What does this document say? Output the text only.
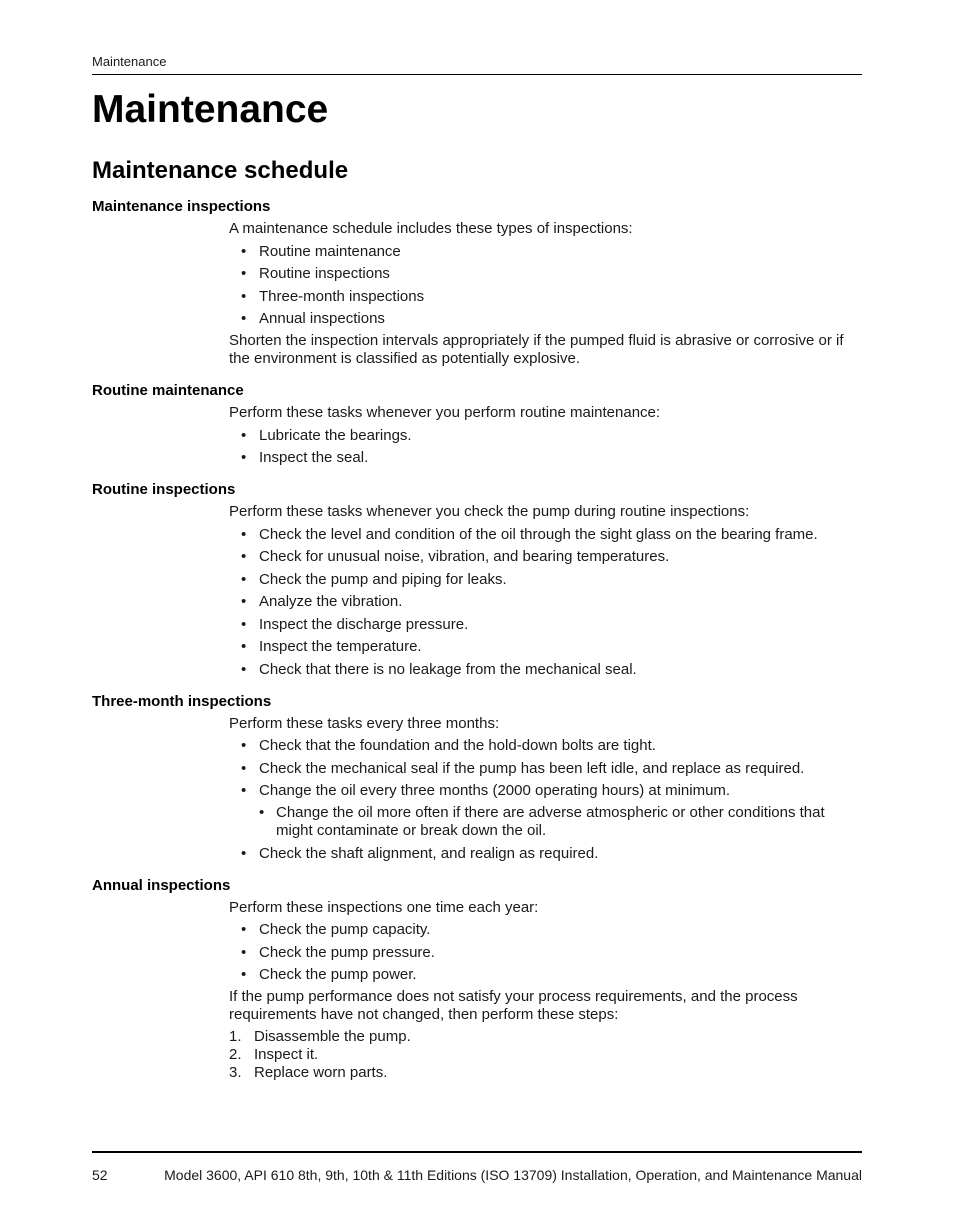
Maintenance
Maintenance
Maintenance schedule
Maintenance inspections

A maintenance schedule includes these types of inspections:

• Routine maintenance
• Routine inspections
• Three-month inspections
• Annual inspections

Shorten the inspection intervals appropriately if the pumped fluid is abrasive or corrosive or if the environment is classified as potentially explosive.

Routine maintenance

Perform these tasks whenever you perform routine maintenance:

• Lubricate the bearings.
• Inspect the seal.
Routine inspections

Perform these tasks whenever you check the pump during routine inspections:

• Check the level and condition of the oil through the sight glass on the bearing frame.
• Check for unusual noise, vibration, and bearing temperatures.
• Check the pump and piping for leaks.
• Analyze the vibration.
• Inspect the discharge pressure.
• Inspect the temperature.
• Check that there is no leakage from the mechanical seal.
Three-month inspections

Perform these tasks every three months:

• Check that the foundation and the hold-down bolts are tight.
• Check the mechanical seal if the pump has been left idle, and replace as required.
• Change the oil every three months (2000 operating hours) at minimum.
• Change the oil more often if there are adverse atmospheric or other conditions that might contaminate or break down the oil.
• Check the shaft alignment, and realign as required.
Annual inspections

Perform these inspections one time each year:

• Check the pump capacity.
• Check the pump pressure.
• Check the pump power.

If the pump performance does not satisfy your process requirements, and the process requirements have not changed, then perform these steps:

1. Disassemble the pump.
2. Inspect it.
3. Replace worn parts.
52	Model 3600, API 610 8th, 9th, 10th & 11th Editions (ISO 13709) Installation, Operation, and Maintenance Manual
